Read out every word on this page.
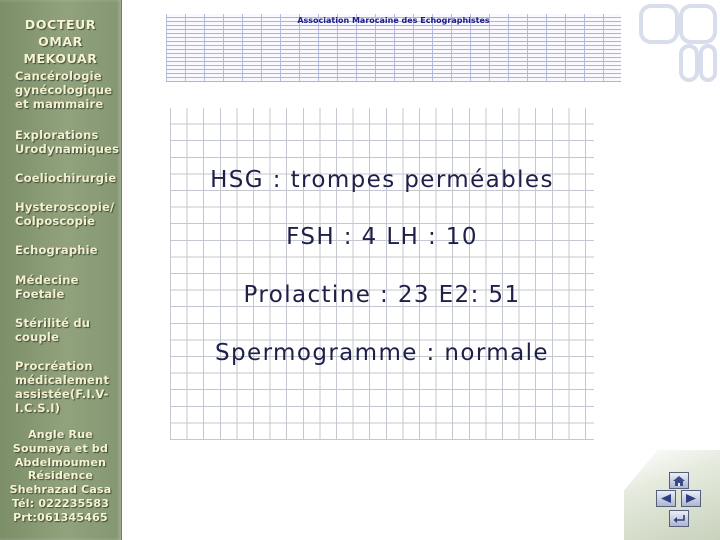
DOCTEUR
OMAR MEKOUAR
Cancérologie
gynécologique
et mammaire
Explorations
Urodynamiques
Coeliochirurgie
Hysteroscopie/
Colposcopie
Echographie
Médecine
Foetale
Stérilité du
couple
Procréation
médicalement
assistée(F.I.V-
I.C.S.I)
Angle Rue
Soumaya et bd
Abdelmoumen
Résidence
Shehrazad Casa
Tél: 022235583
Prt:061345465
Association Marocaine des Echographistes
HSG : trompes perméables
FSH : 4 LH : 10
Prolactine : 23 E2: 51
Spermogramme : normale
